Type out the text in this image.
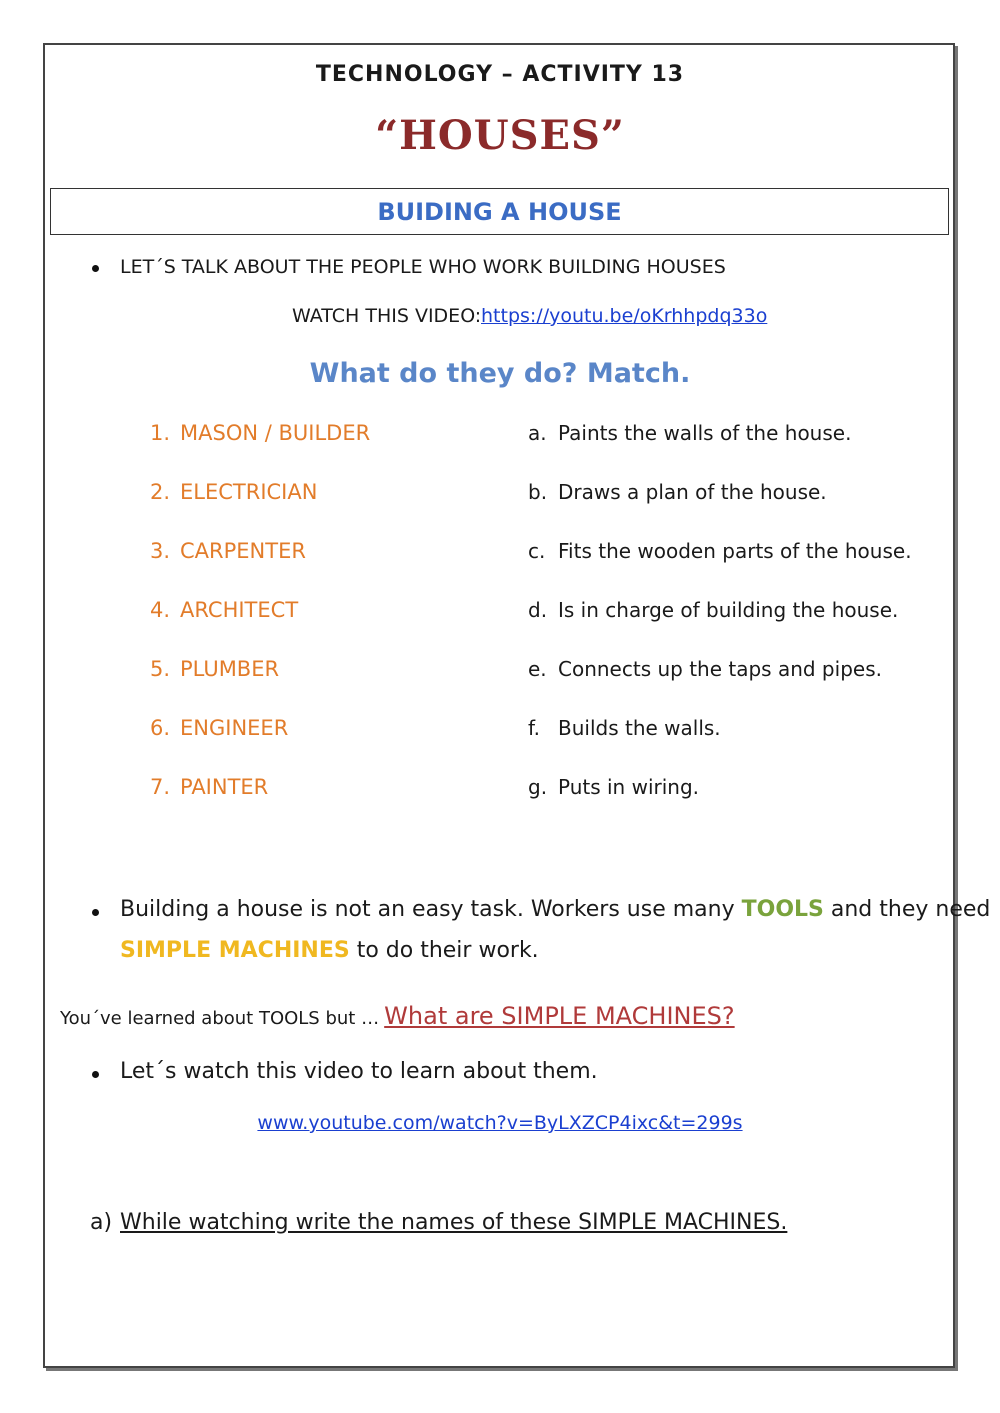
TECHNOLOGY – ACTIVITY 13
“HOUSES”
BUIDING A HOUSE
LET´S TALK ABOUT THE PEOPLE WHO WORK BUILDING HOUSES
WATCH THIS VIDEO: https://youtu.be/oKrhhpdq33o
What do they do? Match.
1. MASON / BUILDER
2. ELECTRICIAN
3. CARPENTER
4. ARCHITECT
5. PLUMBER
6. ENGINEER
7. PAINTER
a. Paints the walls of the house.
b. Draws a plan of the house.
c. Fits the wooden parts of the house.
d. Is in charge of building the house.
e. Connects up the taps and pipes.
f. Builds the walls.
g. Puts in wiring.
Building a house is not an easy task. Workers use many TOOLS and they need
SIMPLE MACHINES to do their work.
You´ve learned about TOOLS but … What are SIMPLE MACHINES?
Let´s watch this video to learn about them.
www.youtube.com/watch?v=ByLXZCP4ixc&t=299s
a) While watching write the names of these SIMPLE MACHINES.
